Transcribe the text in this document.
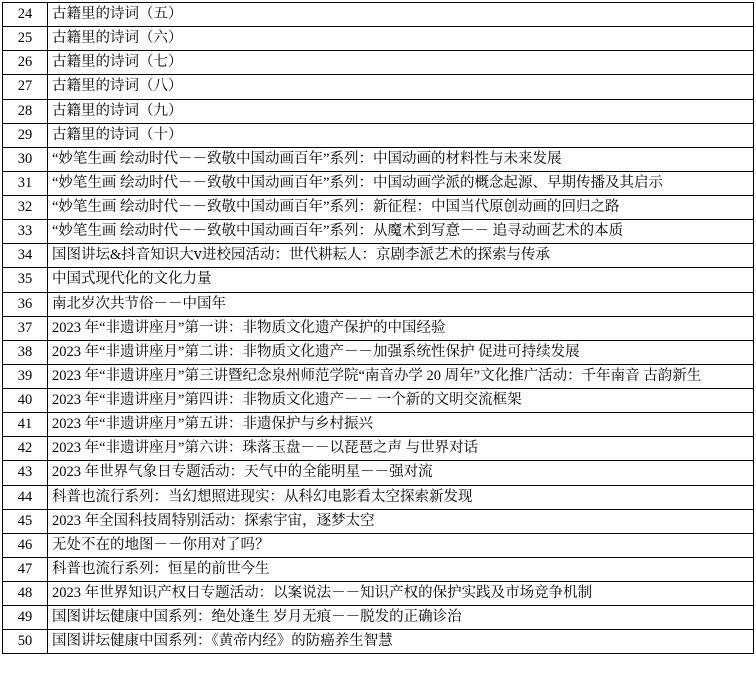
24	古籍里的诗词（五）
25	古籍里的诗词（六）
26	古籍里的诗词（七）
27	古籍里的诗词（八）
28	古籍里的诗词（九）
29	古籍里的诗词（十）
30	“妙笔生画 绘动时代－－致敬中国动画百年”系列：中国动画的材料性与未来发展
31	“妙笔生画 绘动时代－－致敬中国动画百年”系列：中国动画学派的概念起源、早期传播及其启示
32	“妙笔生画 绘动时代－－致敬中国动画百年”系列：新征程：中国当代原创动画的回归之路
33	“妙笔生画 绘动时代－－致敬中国动画百年”系列：从魔术到写意－－ 追寻动画艺术的本质
34	国图讲坛&抖音知识大ⅴ进校园活动：世代耕耘人：京剧李派艺术的探索与传承
35	中国式现代化的文化力量
36	南北岁次共节俗－－中国年
37	2023 年“非遗讲座月”第一讲：非物质文化遗产保护的中国经验
38	2023 年“非遗讲座月”第二讲：非物质文化遗产－－加强系统性保护 促进可持续发展
39	2023 年“非遗讲座月”第三讲暨纪念泉州师范学院“南音办学 20 周年”文化推广活动：千年南音 古韵新生
40	2023 年“非遗讲座月”第四讲：非物质文化遗产－－ 一个新的文明交流框架
41	2023 年“非遗讲座月”第五讲：非遗保护与乡村振兴
42	2023 年“非遗讲座月”第六讲：珠落玉盘－－以琵琶之声 与世界对话
43	2023 年世界气象日专题活动：天气中的全能明星－－强对流
44	科普也流行系列：当幻想照进现实：从科幻电影看太空探索新发现
45	2023 年全国科技周特别活动：探索宇宙，逐梦太空
46	无处不在的地图－－你用对了吗？
47	科普也流行系列：恒星的前世今生
48	2023 年世界知识产权日专题活动：以案说法－－知识产权的保护实践及市场竞争机制
49	国图讲坛健康中国系列：绝处逢生 岁月无痕－－脱发的正确诊治
50	国图讲坛健康中国系列：《黄帝内经》的防癌养生智慧
